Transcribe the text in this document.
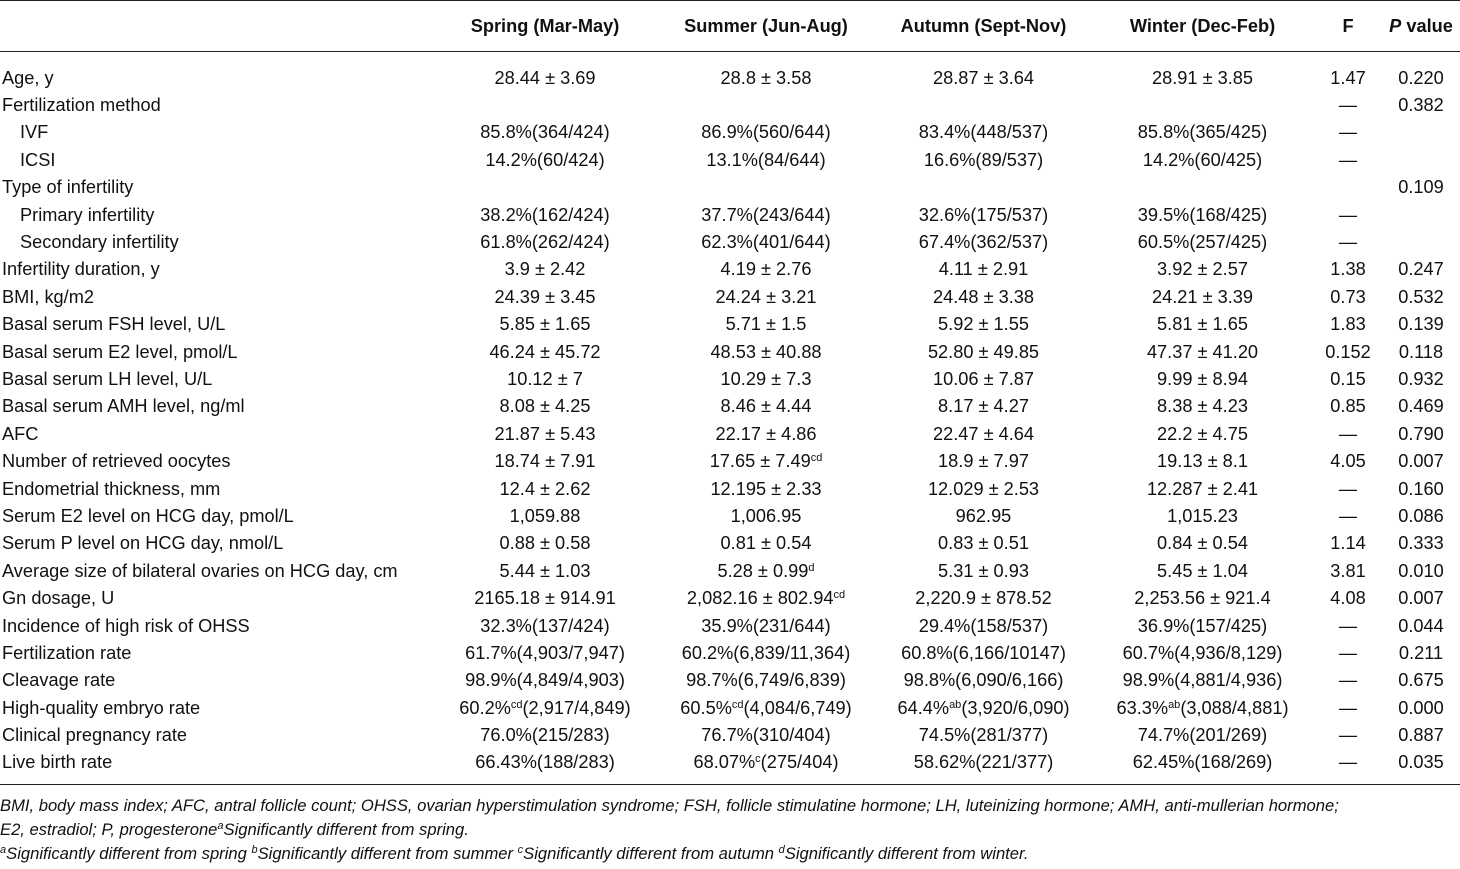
	Spring (Mar-May)	Summer (Jun-Aug)	Autumn (Sept-Nov)	Winter (Dec-Feb)	F	P value
Age, y	28.44 ± 3.69	28.8 ± 3.58	28.87 ± 3.64	28.91 ± 3.85	1.47	0.220
Fertilization method					—	0.382
IVF	85.8%(364/424)	86.9%(560/644)	83.4%(448/537)	85.8%(365/425)	—	
ICSI	14.2%(60/424)	13.1%(84/644)	16.6%(89/537)	14.2%(60/425)	—	
Type of infertility						0.109
Primary infertility	38.2%(162/424)	37.7%(243/644)	32.6%(175/537)	39.5%(168/425)	—	
Secondary infertility	61.8%(262/424)	62.3%(401/644)	67.4%(362/537)	60.5%(257/425)	—	
Infertility duration, y	3.9 ± 2.42	4.19 ± 2.76	4.11 ± 2.91	3.92 ± 2.57	1.38	0.247
BMI, kg/m2	24.39 ± 3.45	24.24 ± 3.21	24.48 ± 3.38	24.21 ± 3.39	0.73	0.532
Basal serum FSH level, U/L	5.85 ± 1.65	5.71 ± 1.5	5.92 ± 1.55	5.81 ± 1.65	1.83	0.139
Basal serum E2 level, pmol/L	46.24 ± 45.72	48.53 ± 40.88	52.80 ± 49.85	47.37 ± 41.20	0.152	0.118
Basal serum LH level, U/L	10.12 ± 7	10.29 ± 7.3	10.06 ± 7.87	9.99 ± 8.94	0.15	0.932
Basal serum AMH level, ng/ml	8.08 ± 4.25	8.46 ± 4.44	8.17 ± 4.27	8.38 ± 4.23	0.85	0.469
AFC	21.87 ± 5.43	22.17 ± 4.86	22.47 ± 4.64	22.2 ± 4.75	—	0.790
Number of retrieved oocytes	18.74 ± 7.91	17.65 ± 7.49$^{cd}$	18.9 ± 7.97	19.13 ± 8.1	4.05	0.007
Endometrial thickness, mm	12.4 ± 2.62	12.195 ± 2.33	12.029 ± 2.53	12.287 ± 2.41	—	0.160
Serum E2 level on HCG day, pmol/L	1,059.88	1,006.95	962.95	1,015.23	—	0.086
Serum P level on HCG day, nmol/L	0.88 ± 0.58	0.81 ± 0.54	0.83 ± 0.51	0.84 ± 0.54	1.14	0.333
Average size of bilateral ovaries on HCG day, cm	5.44 ± 1.03	5.28 ± 0.99$^d$	5.31 ± 0.93	5.45 ± 1.04	3.81	0.010
Gn dosage, U	2165.18 ± 914.91	2,082.16 ± 802.94$^{cd}$	2,220.9 ± 878.52	2,253.56 ± 921.4	4.08	0.007
Incidence of high risk of OHSS	32.3%(137/424)	35.9%(231/644)	29.4%(158/537)	36.9%(157/425)	—	0.044
Fertilization rate	61.7%(4,903/7,947)	60.2%(6,839/11,364)	60.8%(6,166/10147)	60.7%(4,936/8,129)	—	0.211
Cleavage rate	98.9%(4,849/4,903)	98.7%(6,749/6,839)	98.8%(6,090/6,166)	98.9%(4,881/4,936)	—	0.675
High-quality embryo rate	60.2%$^{cd}$(2,917/4,849)	60.5%$^{cd}$(4,084/6,749)	64.4%$^{ab}$(3,920/6,090)	63.3%$^{ab}$(3,088/4,881)	—	0.000
Clinical pregnancy rate	76.0%(215/283)	76.7%(310/404)	74.5%(281/377)	74.7%(201/269)	—	0.887
Live birth rate	66.43%(188/283)	68.07%$^c$(275/404)	58.62%(221/377)	62.45%(168/269)	—	0.035

BMI, body mass index; AFC, antral follicle count; OHSS, ovarian hyperstimulation syndrome; FSH, follicle stimulatine hormone; LH, luteinizing hormone; AMH, anti-mullerian hormone;

E2, estradiol; P, progesterone$^a$Significantly different from spring.

$^a$Significantly different from spring $^b$Significantly different from summer $^c$Significantly different from autumn $^d$Significantly different from winter.
